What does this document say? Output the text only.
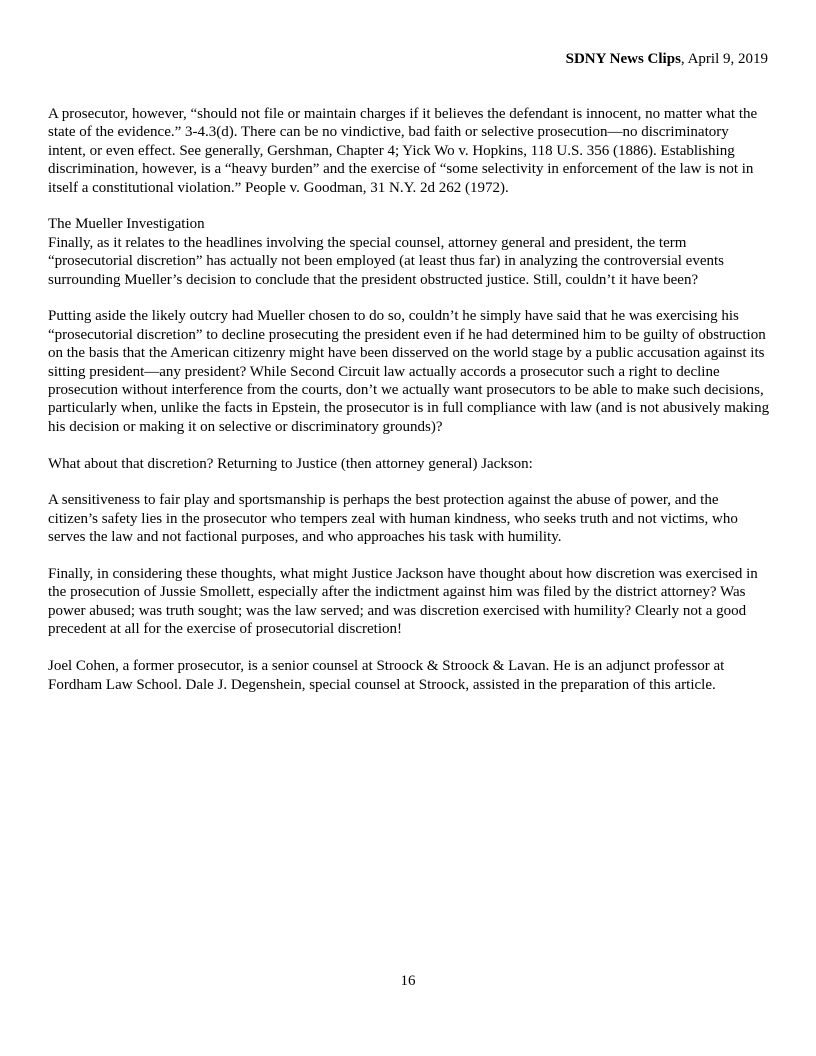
SDNY News Clips, April 9, 2019

A prosecutor, however, “should not file or maintain charges if it believes the defendant is innocent, no matter what the state of the evidence.” 3-4.3(d). There can be no vindictive, bad faith or selective prosecution—no discriminatory intent, or even effect. See generally, Gershman, Chapter 4; Yick Wo v. Hopkins, 118 U.S. 356 (1886). Establishing discrimination, however, is a “heavy burden” and the exercise of “some selectivity in enforcement of the law is not in itself a constitutional violation.” People v. Goodman, 31 N.Y. 2d 262 (1972).

The Mueller Investigation

Finally, as it relates to the headlines involving the special counsel, attorney general and president, the term “prosecutorial discretion” has actually not been employed (at least thus far) in analyzing the controversial events surrounding Mueller’s decision to conclude that the president obstructed justice. Still, couldn’t it have been?

Putting aside the likely outcry had Mueller chosen to do so, couldn’t he simply have said that he was exercising his “prosecutorial discretion” to decline prosecuting the president even if he had determined him to be guilty of obstruction on the basis that the American citizenry might have been disserved on the world stage by a public accusation against its sitting president—any president? While Second Circuit law actually accords a prosecutor such a right to decline prosecution without interference from the courts, don’t we actually want prosecutors to be able to make such decisions, particularly when, unlike the facts in Epstein, the prosecutor is in full compliance with law (and is not abusively making his decision or making it on selective or discriminatory grounds)?

What about that discretion? Returning to Justice (then attorney general) Jackson:

A sensitiveness to fair play and sportsmanship is perhaps the best protection against the abuse of power, and the citizen’s safety lies in the prosecutor who tempers zeal with human kindness, who seeks truth and not victims, who serves the law and not factional purposes, and who approaches his task with humility.

Finally, in considering these thoughts, what might Justice Jackson have thought about how discretion was exercised in the prosecution of Jussie Smollett, especially after the indictment against him was filed by the district attorney? Was power abused; was truth sought; was the law served; and was discretion exercised with humility? Clearly not a good precedent at all for the exercise of prosecutorial discretion!

Joel Cohen, a former prosecutor, is a senior counsel at Stroock & Stroock & Lavan. He is an adjunct professor at Fordham Law School. Dale J. Degenshein, special counsel at Stroock, assisted in the preparation of this article.

16
